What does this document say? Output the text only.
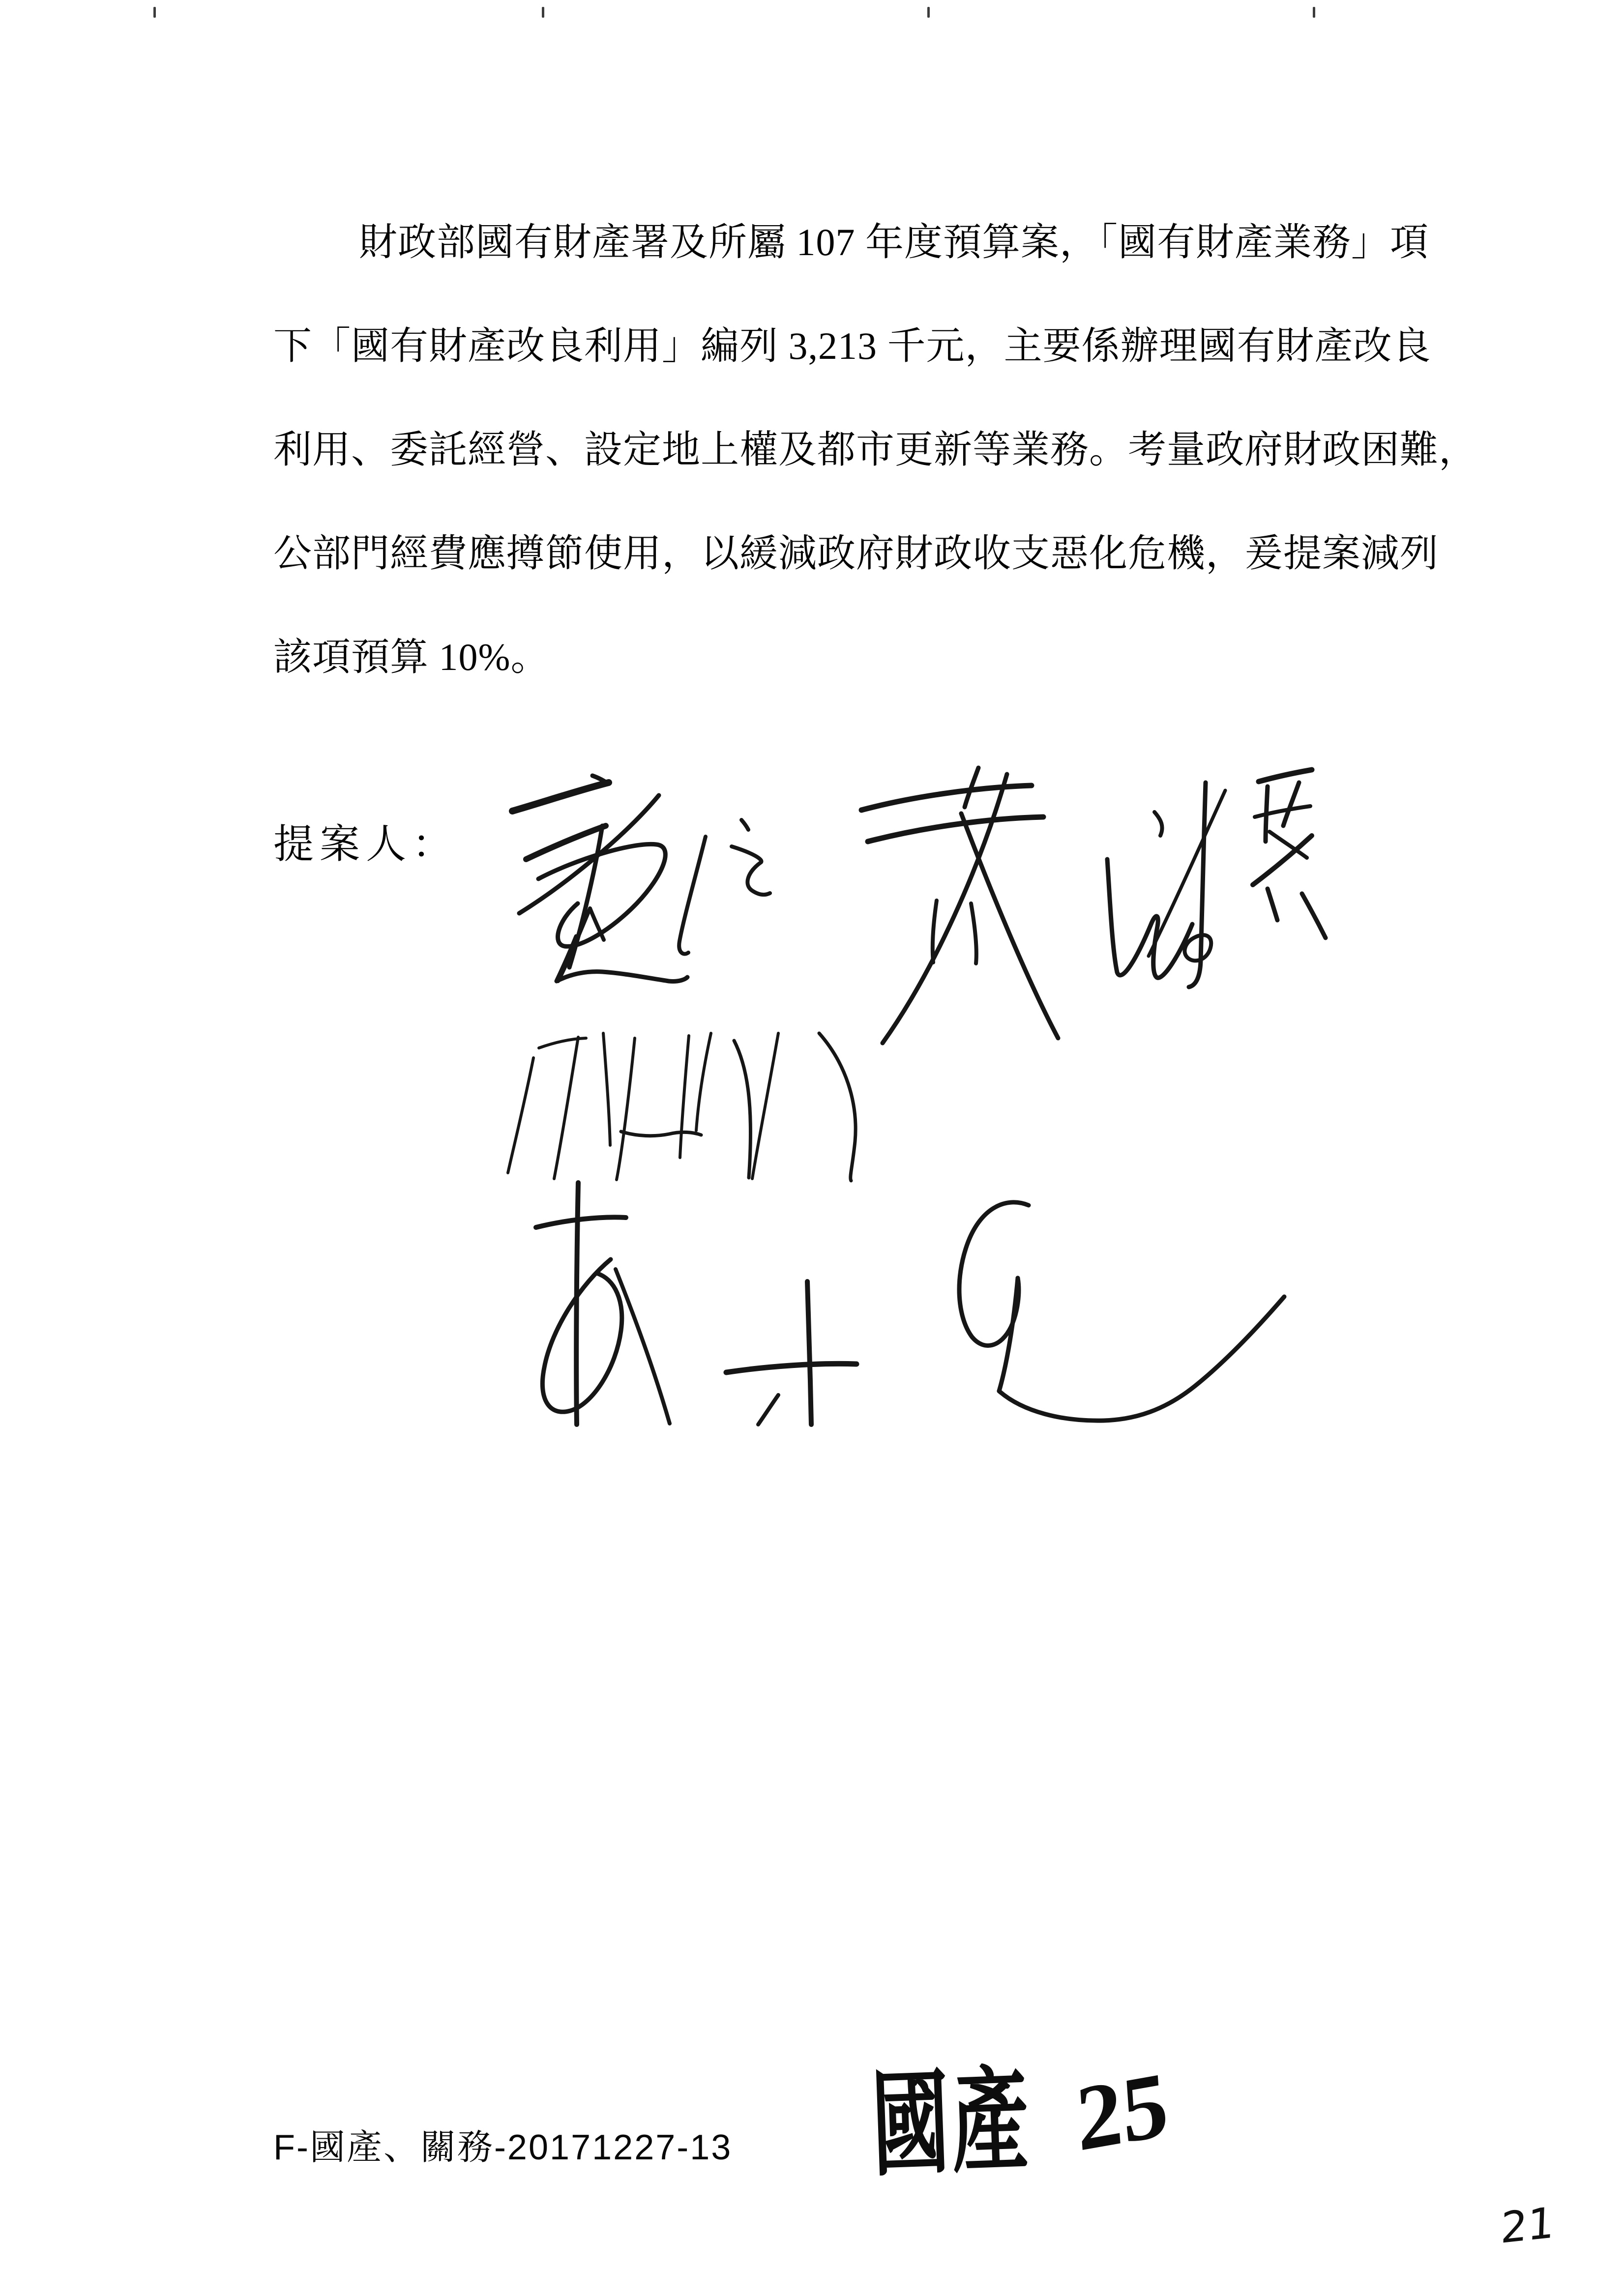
財政部國有財產署及所屬 107 年度預算案，「國有財產業務」項
下「國有財產改良利用」編列 3,213 千元，主要係辦理國有財產改良
利用、委託經營、設定地上權及都市更新等業務。考量政府財政困難，
公部門經費應撙節使用，以緩減政府財政收支惡化危機，爰提案減列
該項預算 10%。
提案人：
國產 25
F-國產、關務-20171227-13
21
